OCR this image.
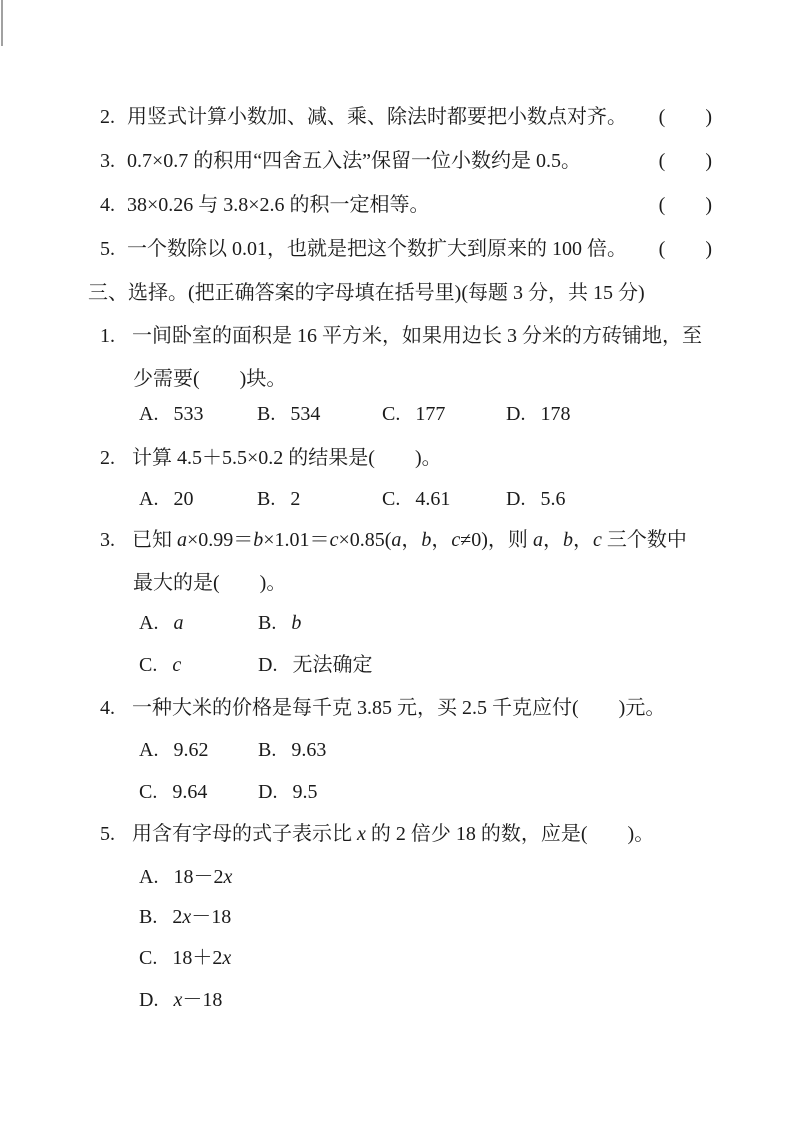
2. 用竖式计算小数加、减、乘、除法时都要把小数点对齐。 (　　)
3. 0.7×0.7 的积用“四舍五入法”保留一位小数约是 0.5。	(　　)
4. 38×0.26 与 3.8×2.6 的积一定相等。	(　　)
5. 一个数除以 0.01，也就是把这个数扩大到原来的 100 倍。 (　　)
三、选择。(把正确答案的字母填在括号里)(每题 3 分，共 15 分)
1. 一间卧室的面积是 16 平方米，如果用边长 3 分米的方砖铺地，至
少需要(　　)块。
A. 533	B. 534	C. 177	D. 178
2. 计算 4.5＋5.5×0.2 的结果是(　　)。
A. 20	B. 2	C. 4.61	D. 5.6
3. 已知 a×0.99＝b×1.01＝c×0.85(a，b，c≠0)，则 a，b，c 三个数中
最大的是(　　)。
A. a	B. b
C. c	D. 无法确定
4. 一种大米的价格是每千克 3.85 元，买 2.5 千克应付(　　)元。
A. 9.62 B. 9.63
C. 9.64	D. 9.5
5. 用含有字母的式子表示比 x 的 2 倍少 18 的数，应是(　　)。
A. 18－2x
B. 2x－18
C. 18＋2x
D. x－18
